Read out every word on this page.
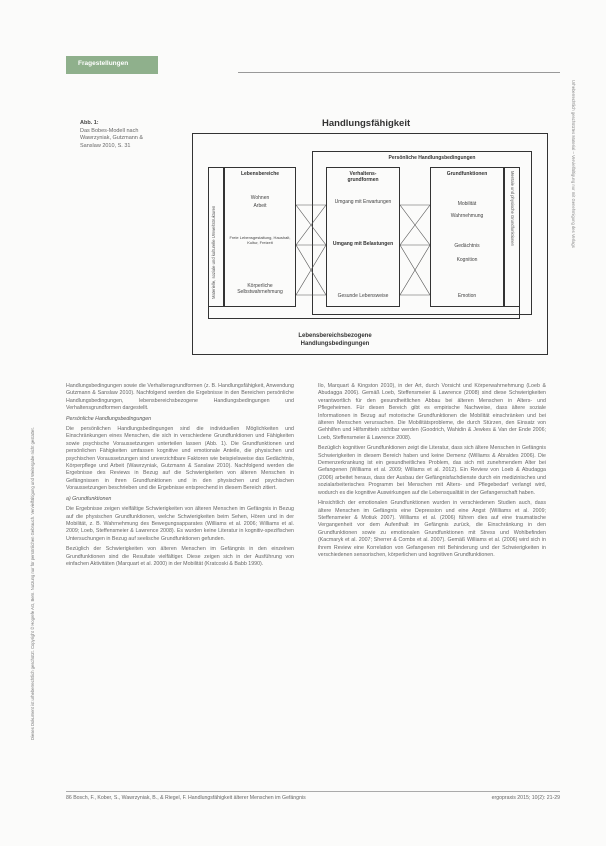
Fragestellungen
Dieses Dokument ist urheberrechtlich geschützt. Copyright © Hogrefe AG, Bern. Nutzung nur für persönlichen Gebrauch. Vervielfältigung und Weitergabe nicht gestattet.
Urheberrechtlich geschütztes Material – Vervielfältigung nur mit Genehmigung des Verlags
Abb. 1:
Das Bobes-Modell nach Wawrzyniak, Gutzmann & Sanslaw 2010, S. 31
Handlungsfähigkeit
Persönliche Handlungsbedingungen
Materielle, soziale und kulturelle Umweltstrukturen
Lebensbereiche
Wohnen
Arbeit
Freie Lebensgestaltung, Haushalt, Kultur, Freizeit
Körperliche Selbstwahrnehmung
Verhaltens-
grundformen
Umgang mit Erwartungen
Umgang mit Belastungen
Gesunde Lebensweise
Grundfunktionen
Mobilität
Wahrnehmung
Gedächtnis
Kognition
Emotion
Mentale und physische Grundfunktionen
Lebensbereichsbezogene
Handlungsbedingungen

Handlungsbedingungen sowie die Verhaltensgrundformen (z. B. Handlungsfähigkeit, Anwendung Gutzmann & Sanslaw 2010). Nachfolgend werden die Ergebnisse in den Bereichen persönliche Handlungsbedingungen, lebensbereichsbezogene Handlungsbedingungen und Verhaltensgrundformen dargestellt.

Persönliche Handlungsbedingungen

Die persönlichen Handlungsbedingungen sind die individuellen Möglichkeiten und Einschränkungen eines Menschen, die sich in verschiedene Grundfunktionen und Fähigkeiten sowie psychische Voraussetzungen unterteilen lassen (Abb. 1). Die Grundfunktionen und persönlichen Fähigkeiten umfassen kognitive und emotionale Anteile, die physischen und psychischen Voraussetzungen sind unverzichtbare Faktoren wie beispielsweise das Gedächtnis, Körperpflege und Arbeit (Wawrzyniak, Gutzmann & Sanslaw 2010). Nachfolgend werden die Ergebnisse des Reviews in Bezug auf die Schwierigkeiten von älteren Menschen in Gefängnissen in ihren Grundfunktionen und in den physischen und psychischen Voraussetzungen beschrieben und die Ergebnisse entsprechend in diesem Bereich zitiert.

a) Grundfunktionen

Die Ergebnisse zeigen vielfältige Schwierigkeiten von älteren Menschen im Gefängnis in Bezug auf die physischen Grundfunktionen, welche Schwierigkeiten beim Sehen, Hören und in der Mobilität, z. B. Wahrnehmung des Bewegungsapparates (Williams et al. 2006; Williams et al. 2009; Loeb, Steffensmeier & Lawrence 2008). Es wurden keine Literatur in kognitiv-spezifischen Untersuchungen in Bezug auf seelische Grundfunktionen gefunden.

Bezüglich der Schwierigkeiten von älteren Menschen im Gefängnis in den einzelnen Grundfunktionen sind die Resultate vielfältiger. Diese zeigen sich in der Ausführung von einfachen Aktivitäten (Marquart et al. 2000) in der Mobilität (Kratcoski & Babb 1990).

Ilo, Marquart & Kingston 2010), in der Art, durch Vorsicht und Körperwahrnehmung (Loeb & Abudagga 2006). Gemäß Loeb, Steffensmeier & Lawrence (2008) sind diese Schwierigkeiten verantwortlich für den gesundheitlichen Abbau bei älteren Menschen in Alters- und Pflegeheimen. Für diesen Bereich gibt es empirische Nachweise, dass ältere soziale Informationen in Bezug auf motorische Grundfunktionen die Mobilität einschränken und bei älteren Menschen verursachen. Die Mobilitätsprobleme, die durch Stürzen, den Einsatz von Gehhilfen und Hilfsmitteln sichtbar werden (Goodrich, Wahidin & Jewkes & Van der Ende 2006; Loeb, Steffensmeier & Lawrence 2008).

Bezüglich kognitiver Grundfunktionen zeigt die Literatur, dass sich ältere Menschen in Gefängnis Schwierigkeiten in diesem Bereich haben und keine Demenz (Williams & Abraldes 2006). Die Demenzerkrankung ist ein gesundheitliches Problem, das sich mit zunehmendem Alter bei Gefangenen (Williams et al. 2009; Williams et al. 2012). Ein Review von Loeb & Abudagga (2006) arbeitet heraus, dass der Ausbau der Gefängnisfachdienste durch ein medizinisches und sozialarbeiterisches Programm bei Menschen mit Alters- und Pflegebedarf verlangt wird, wodurch es die kognitive Auswirkungen auf die Lebensqualität in der Gefangenschaft haben.

Hinsichtlich der emotionalen Grundfunktionen wurden in verschiedenen Studien auch, dass ältere Menschen im Gefängnis eine Depression und eine Angst (Williams et al. 2009; Steffensmeier & Motiuk 2007). Williams et al. (2006) führen dies auf eine traumatische Vergangenheit vor dem Aufenthalt im Gefängnis zurück, die Einschränkung in den Grundfunktionen sowie zu emotionalen Grundfunktionen mit Stress und Wohlbefinden (Kacmaryk et al. 2007; Sherrer & Combs et al. 2007). Gemäß Williams et al. (2006) wird sich in ihrem Review eine Korrelation von Gefangenen mit Behinderung und der Schwierigkeiten in verschiedenen sensorischen, körperlichen und kognitiven Grundfunktionen.

86 Bosch, F., Kober, S., Wawrzyniak, B., & Riegel, F. Handlungsfähigkeit älterer Menschen im Gefängnis	ergopraxis 2015; 10(2): 21-29
